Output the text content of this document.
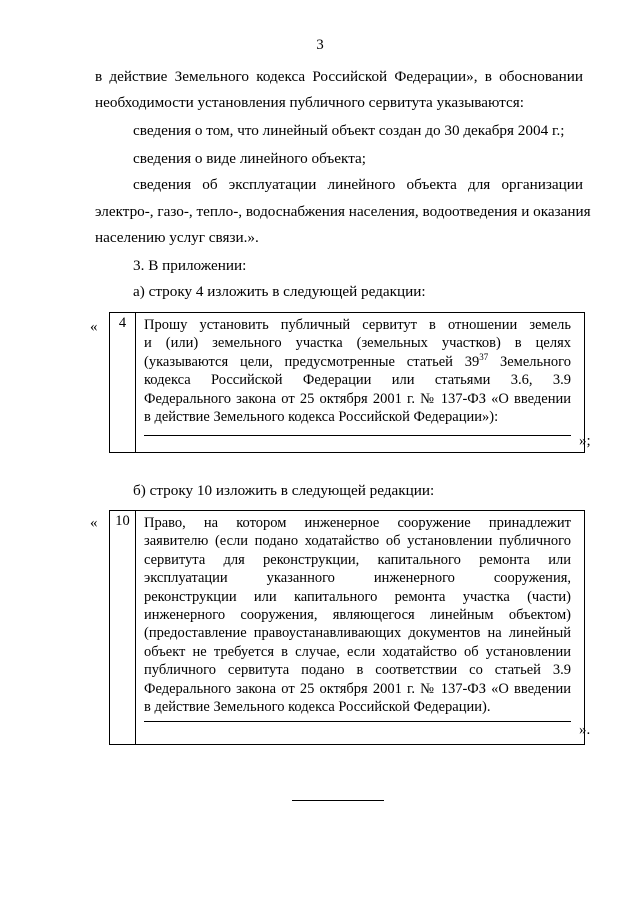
3
в действие Земельного кодекса Российской Федерации», в обосновании
необходимости установления публичного сервитута указываются:
сведения о том, что линейный объект создан до 30 декабря 2004 г.;
сведения о виде линейного объекта;
сведения об эксплуатации линейного объекта для организации
электро-, газо-, тепло-, водоснабжения населения, водоотведения и оказания
населению услуг связи.».
3. В приложении:
а) строку 4 изложить в следующей редакции:
«	4	Прошу установить публичный сервитут в отношении земель
и (или) земельного участка (земельных участков) в целях
(указываются цели, предусмотренные статьей $39^{37}$ Земельного
кодекса Российской Федерации или статьями 3.6, 3.9
Федерального закона от 25 октября 2001 г. № 137-ФЗ «О введении
в действие Земельного кодекса Российской Федерации»):
»;
б) строку 10 изложить в следующей редакции:
«	10 Право, на котором инженерное сооружение принадлежит
заявителю (если подано ходатайство об установлении публичного
сервитута для реконструкции, капитального ремонта или
эксплуатации указанного инженерного сооружения,
реконструкции или капитального ремонта участка (части)
инженерного сооружения, являющегося линейным объектом)
(предоставление правоустанавливающих документов на линейный
объект не требуется в случае, если ходатайство об установлении
публичного сервитута подано в соответствии со статьей 3.9
Федерального закона от 25 октября 2001 г. № 137-ФЗ «О введении
в действие Земельного кодекса Российской Федерации).
».
